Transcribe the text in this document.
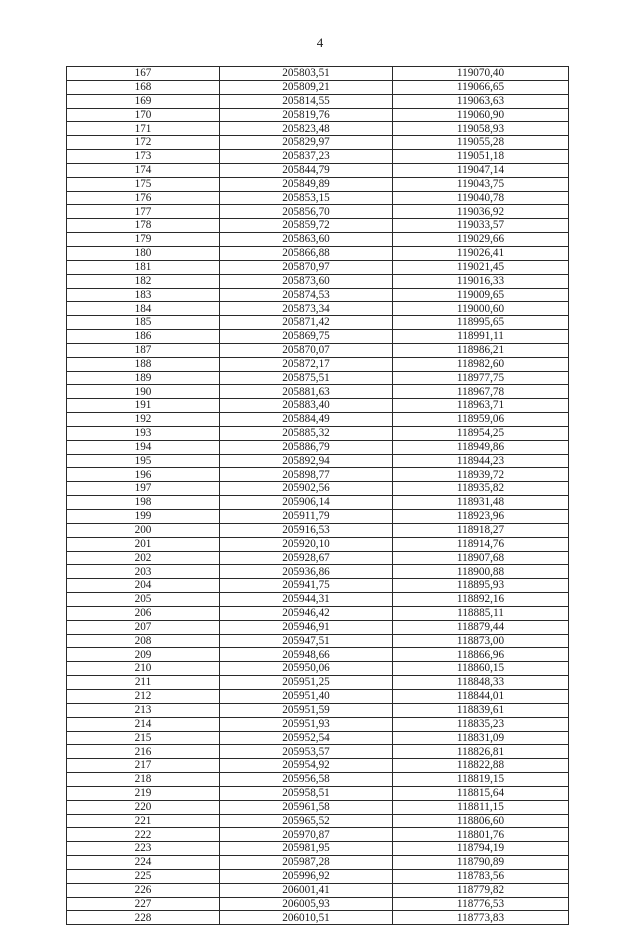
4
167	205803,51	119070,40
168	205809,21	119066,65
169	205814,55	119063,63
170	205819,76	119060,90
171	205823,48	119058,93
172	205829,97	119055,28
173	205837,23	119051,18
174	205844,79	119047,14
175	205849,89	119043,75
176	205853,15	119040,78
177	205856,70	119036,92
178	205859,72	119033,57
179	205863,60	119029,66
180	205866,88	119026,41
181	205870,97	119021,45
182	205873,60	119016,33
183	205874,53	119009,65
184	205873,34	119000,60
185	205871,42	118995,65
186	205869,75	118991,11
187	205870,07	118986,21
188	205872,17	118982,60
189	205875,51	118977,75
190	205881,63	118967,78
191	205883,40	118963,71
192	205884,49	118959,06
193	205885,32	118954,25
194	205886,79	118949,86
195	205892,94	118944,23
196	205898,77	118939,72
197	205902,56	118935,82
198	205906,14	118931,48
199	205911,79	118923,96
200	205916,53	118918,27
201	205920,10	118914,76
202	205928,67	118907,68
203	205936,86	118900,88
204	205941,75	118895,93
205	205944,31	118892,16
206	205946,42	118885,11
207	205946,91	118879,44
208	205947,51	118873,00
209	205948,66	118866,96
210	205950,06	118860,15
211	205951,25	118848,33
212	205951,40	118844,01
213	205951,59	118839,61
214	205951,93	118835,23
215	205952,54	118831,09
216	205953,57	118826,81
217	205954,92	118822,88
218	205956,58	118819,15
219	205958,51	118815,64
220	205961,58	118811,15
221	205965,52	118806,60
222	205970,87	118801,76
223	205981,95	118794,19
224	205987,28	118790,89
225	205996,92	118783,56
226	206001,41	118779,82
227	206005,93	118776,53
228	206010,51	118773,83
